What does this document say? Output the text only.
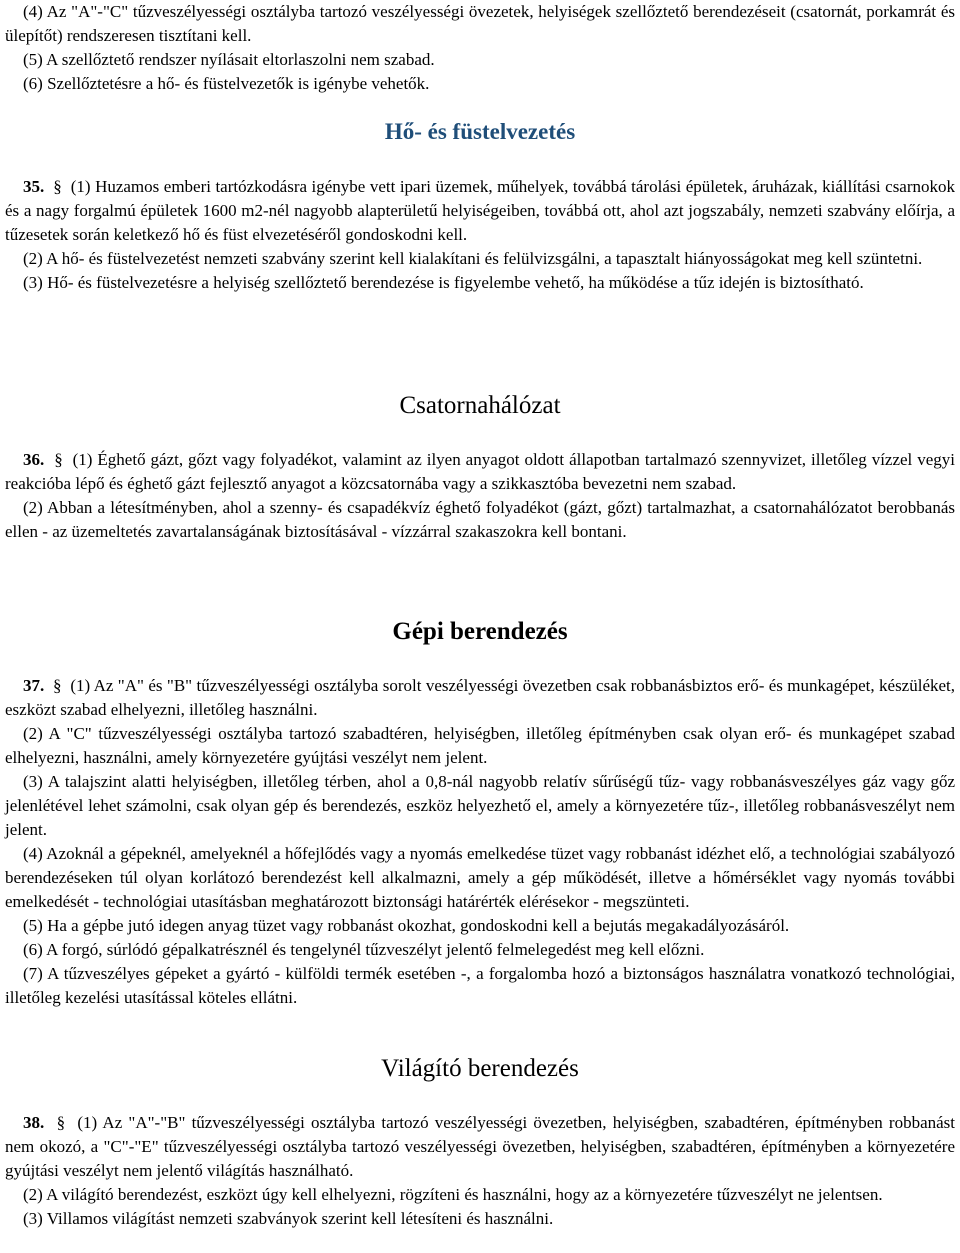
(4) Az "A"-"C" tűzveszélyességi osztályba tartozó veszélyességi övezetek, helyiségek szellőztető berendezéseit (csatornát, porkamrát és ülepítőt) rendszeresen tisztítani kell.

(5) A szellőztető rendszer nyílásait eltorlaszolni nem szabad.

(6) Szellőztetésre a hő- és füstelvezetők is igénybe vehetők.

Hő- és füstelvezetés

35. § (1) Huzamos emberi tartózkodásra igénybe vett ipari üzemek, műhelyek, továbbá tárolási épületek, áruházak, kiállítási csarnokok és a nagy forgalmú épületek 1600 m2-nél nagyobb alapterületű helyiségeiben, továbbá ott, ahol azt jogszabály, nemzeti szabvány előírja, a tűzesetek során keletkező hő és füst elvezetéséről gondoskodni kell.

(2) A hő- és füstelvezetést nemzeti szabvány szerint kell kialakítani és felülvizsgálni, a tapasztalt hiányosságokat meg kell szüntetni.

(3) Hő- és füstelvezetésre a helyiség szellőztető berendezése is figyelembe vehető, ha működése a tűz idején is biztosítható.

Csatornahálózat

36. § (1) Éghető gázt, gőzt vagy folyadékot, valamint az ilyen anyagot oldott állapotban tartalmazó szennyvizet, illetőleg vízzel vegyi reakcióba lépő és éghető gázt fejlesztő anyagot a közcsatornába vagy a szikkasztóba bevezetni nem szabad.

(2) Abban a létesítményben, ahol a szenny- és csapadékvíz éghető folyadékot (gázt, gőzt) tartalmazhat, a csatornahálózatot berobbanás ellen - az üzemeltetés zavartalanságának biztosításával - vízzárral szakaszokra kell bontani.

Gépi berendezés

37. § (1) Az "A" és "B" tűzveszélyességi osztályba sorolt veszélyességi övezetben csak robbanásbiztos erő- és munkagépet, készüléket, eszközt szabad elhelyezni, illetőleg használni.

(2) A "C" tűzveszélyességi osztályba tartozó szabadtéren, helyiségben, illetőleg építményben csak olyan erő- és munkagépet szabad elhelyezni, használni, amely környezetére gyújtási veszélyt nem jelent.

(3) A talajszint alatti helyiségben, illetőleg térben, ahol a 0,8-nál nagyobb relatív sűrűségű tűz- vagy robbanásveszélyes gáz vagy gőz jelenlétével lehet számolni, csak olyan gép és berendezés, eszköz helyezhető el, amely a környezetére tűz-, illetőleg robbanásveszélyt nem jelent.

(4) Azoknál a gépeknél, amelyeknél a hőfejlődés vagy a nyomás emelkedése tüzet vagy robbanást idézhet elő, a technológiai szabályozó berendezéseken túl olyan korlátozó berendezést kell alkalmazni, amely a gép működését, illetve a hőmérséklet vagy nyomás további emelkedését - technológiai utasításban meghatározott biztonsági határérték elérésekor - megszünteti.

(5) Ha a gépbe jutó idegen anyag tüzet vagy robbanást okozhat, gondoskodni kell a bejutás megakadályozásáról.

(6) A forgó, súrlódó gépalkatrésznél és tengelynél tűzveszélyt jelentő felmelegedést meg kell előzni.

(7) A tűzveszélyes gépeket a gyártó - külföldi termék esetében -, a forgalomba hozó a biztonságos használatra vonatkozó technológiai, illetőleg kezelési utasítással köteles ellátni.

Világító berendezés

38. § (1) Az "A"-"B" tűzveszélyességi osztályba tartozó veszélyességi övezetben, helyiségben, szabadtéren, építményben robbanást nem okozó, a "C"-"E" tűzveszélyességi osztályba tartozó veszélyességi övezetben, helyiségben, szabadtéren, építményben a környezetére gyújtási veszélyt nem jelentő világítás használható.

(2) A világító berendezést, eszközt úgy kell elhelyezni, rögzíteni és használni, hogy az a környezetére tűzveszélyt ne jelentsen.

(3) Villamos világítást nemzeti szabványok szerint kell létesíteni és használni.
